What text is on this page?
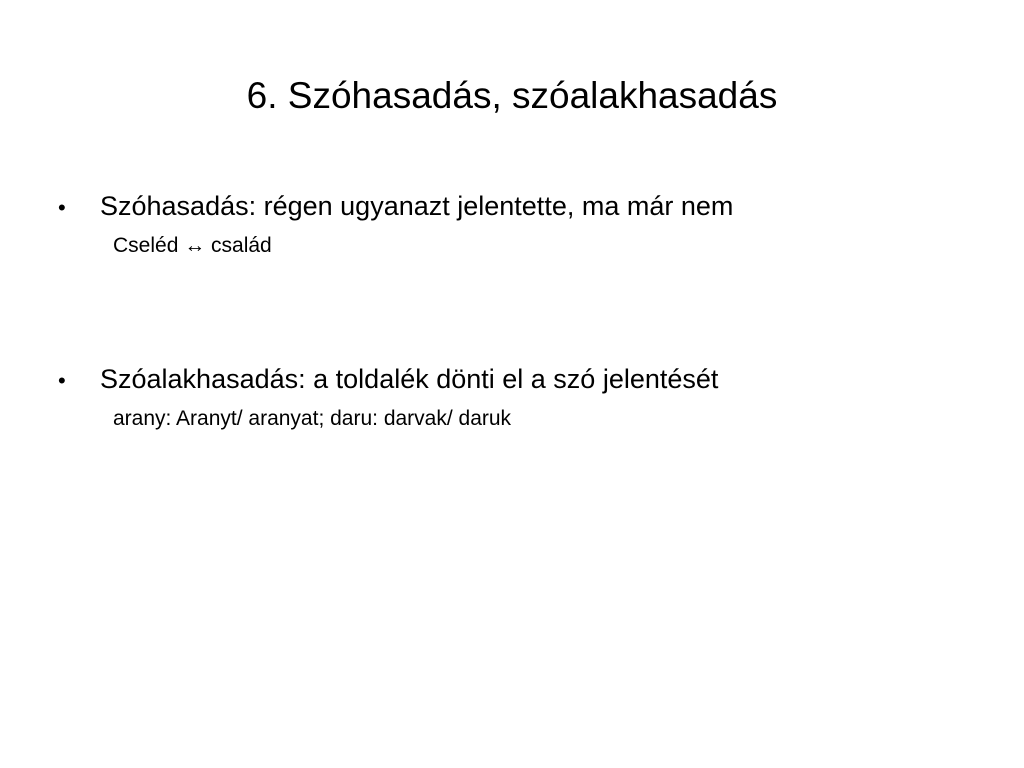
6. Szóhasadás, szóalakhasadás
•	Szóhasadás: régen ugyanazt jelentette, ma már nem
Cseléd ↔ család
•	Szóalakhasadás: a toldalék dönti el a szó jelentését
arany: Aranyt/ aranyat; daru: darvak/ daruk
